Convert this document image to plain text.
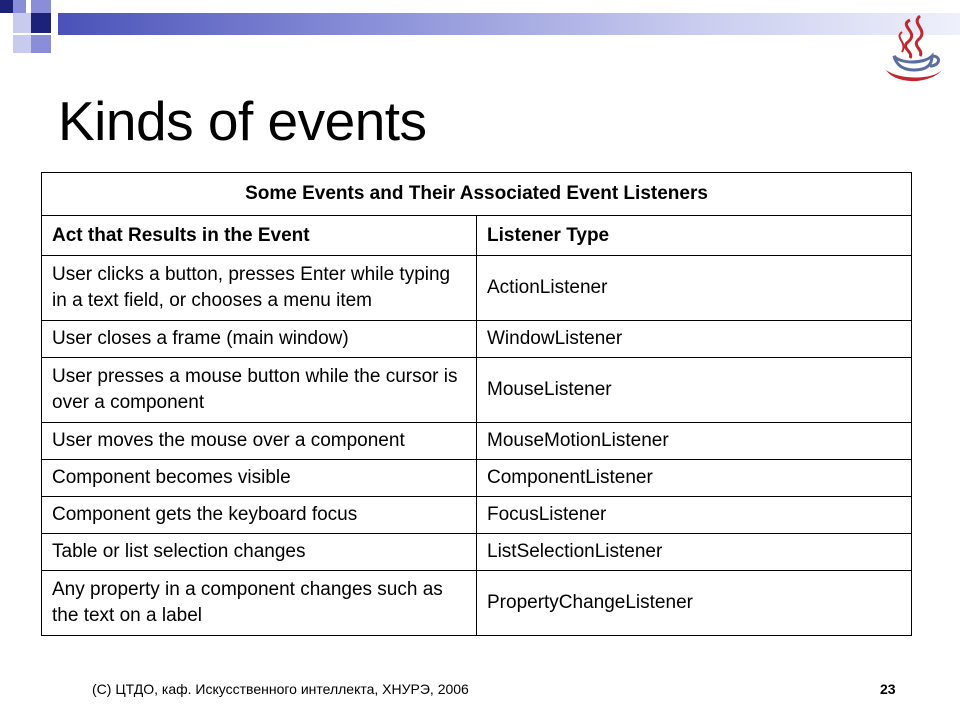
Kinds of events
Some Events and Their Associated Event Listeners	
Act that Results in the Event	Listener Type
User clicks a button, presses Enter while typing in a text field, or chooses a menu item	ActionListener
User closes a frame (main window)	WindowListener
User presses a mouse button while the cursor is over a component	MouseListener
User moves the mouse over a component	MouseMotionListener
Component becomes visible	ComponentListener
Component gets the keyboard focus	FocusListener
Table or list selection changes	ListSelectionListener
Any property in a component changes such as the text on a label	PropertyChangeListener
(С) ЦТДО, каф. Искусственного интеллекта, ХНУРЭ, 2006	23
